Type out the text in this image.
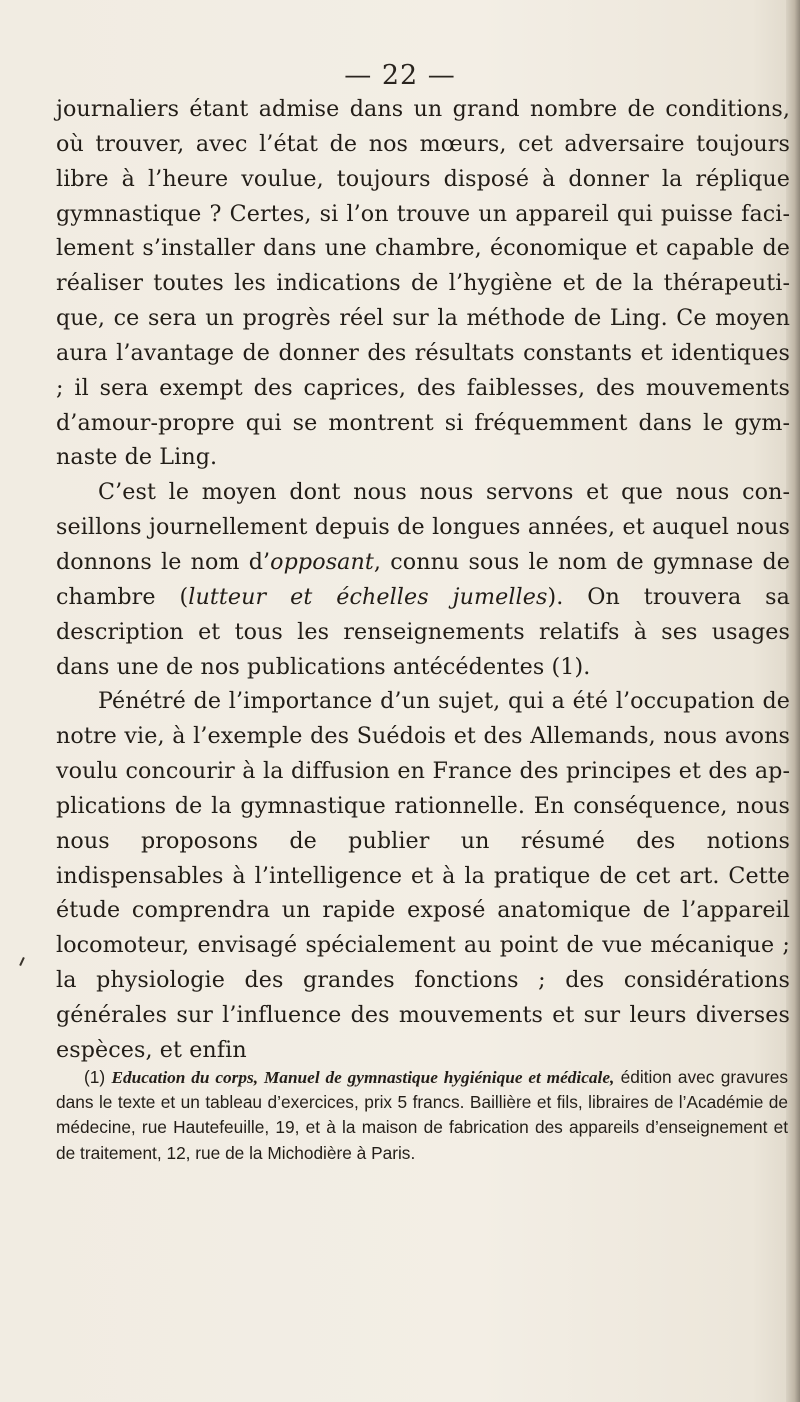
— 22 —

journaliers étant admise dans un grand nombre de conditions, où trouver, avec l’état de nos mœurs, cet adversaire toujours libre à l’heure voulue, toujours disposé à donner la réplique gymnastique ? Certes, si l’on trouve un appareil qui puisse facilement s’installer dans une chambre, économique et capable de réaliser toutes les indications de l’hygiène et de la thérapeutique, ce sera un progrès réel sur la méthode de Ling. Ce moyen aura l’avantage de donner des résultats constants et identiques ; il sera exempt des caprices, des faiblesses, des mouvements d’amour-propre qui se montrent si fréquemment dans le gymnaste de Ling.

C’est le moyen dont nous nous servons et que nous conseillons journellement depuis de longues années, et auquel nous donnons le nom d’opposant, connu sous le nom de gymnase de chambre (lutteur et échelles jumelles). On trouvera sa description et tous les renseignements relatifs à ses usages dans une de nos publications antécédentes (1).

Pénétré de l’importance d’un sujet, qui a été l’occupation de notre vie, à l’exemple des Suédois et des Allemands, nous avons voulu concourir à la diffusion en France des principes et des applications de la gymnastique rationnelle. En conséquence, nous nous proposons de publier un résumé des notions indispensables à l’intelligence et à la pratique de cet art. Cette étude comprendra un rapide exposé anatomique de l’appareil locomoteur, envisagé spécialement au point de vue mécanique ; la physiologie des grandes fonctions ; des considérations générales sur l’influence des mouvements et sur leurs diverses espèces, et enfin

(1) Education du corps, Manuel de gymnastique hygiénique et médicale, édition avec gravures dans le texte et un tableau d’exercices, prix 5 francs. Baillière et fils, libraires de l’Académie de médecine, rue Hautefeuille, 19, et à la maison de fabrication des appareils d’enseignement et de traitement, 12, rue de la Michodière à Paris.
